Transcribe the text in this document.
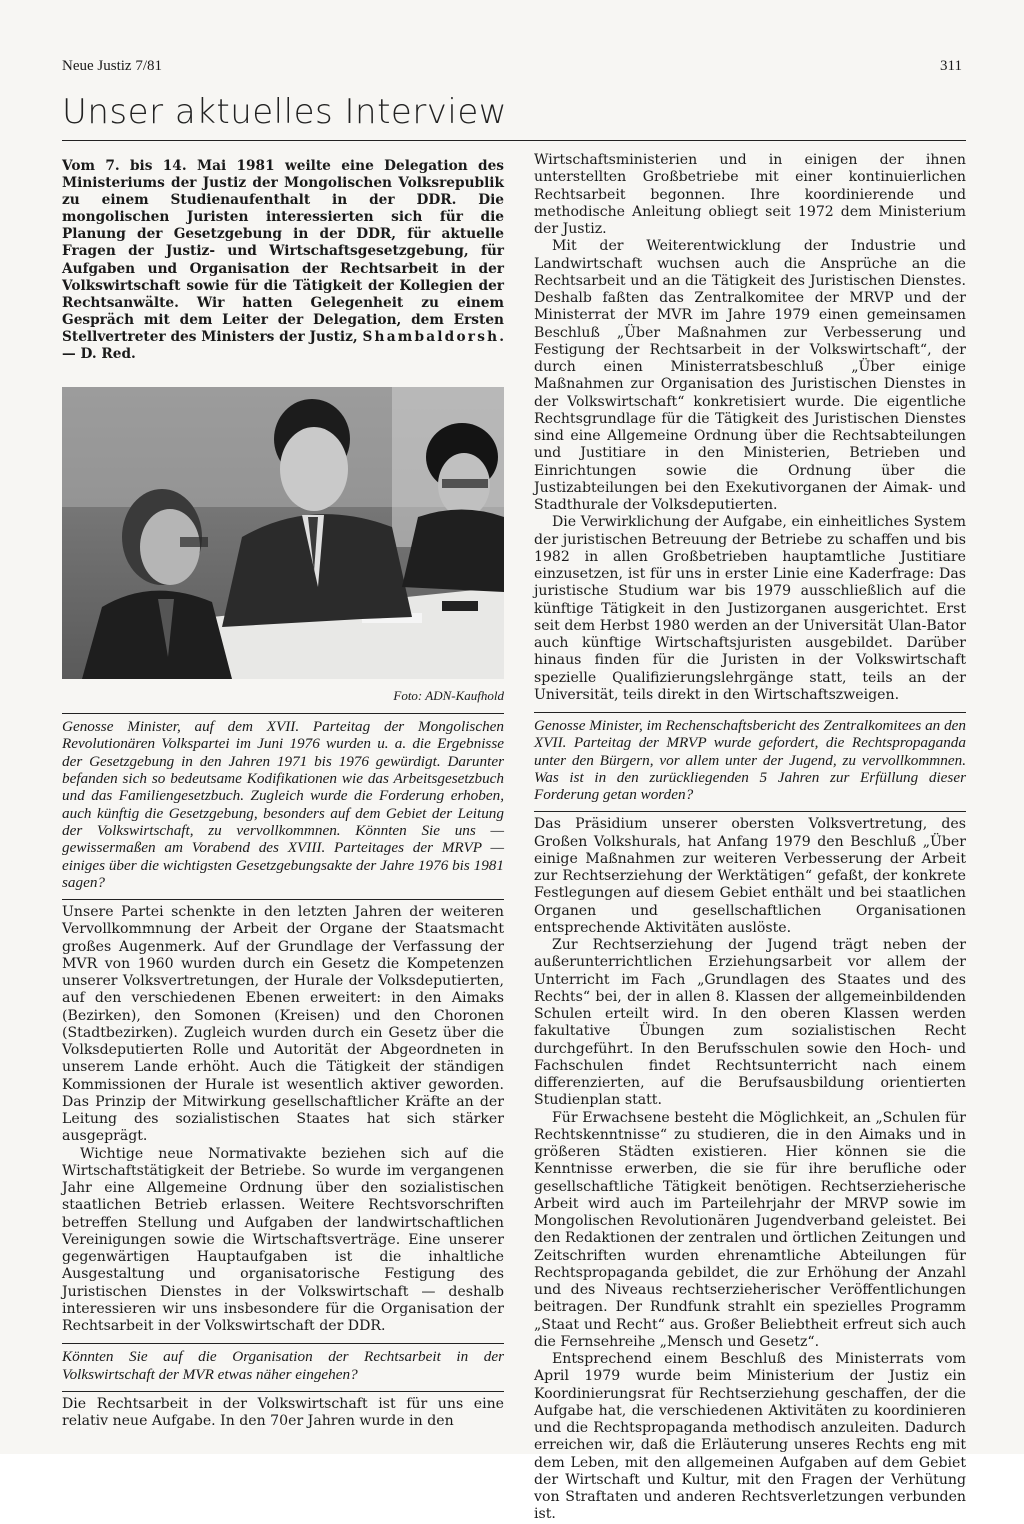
Neue Justiz 7/81	311
Unser aktuelles Interview

Vom 7. bis 14. Mai 1981 weilte eine Delegation des Ministeriums der Justiz der Mongolischen Volksrepublik zu einem Studienaufenthalt in der DDR. Die mongolischen Juristen interessierten sich für die Planung der Gesetzgebung in der DDR, für aktuelle Fragen der Justiz- und Wirtschaftsgesetzgebung, für Aufgaben und Organisation der Rechtsarbeit in der Volkswirtschaft sowie für die Tätigkeit der Kollegien der Rechtsanwälte. Wir hatten Gelegenheit zu einem Gespräch mit dem Leiter der Delegation, dem Ersten Stellvertreter des Ministers der Justiz, Shambaldorsh. — D. Red.

Foto: ADN-Kaufhold

Genosse Minister, auf dem XVII. Parteitag der Mongolischen Revolutionären Volkspartei im Juni 1976 wurden u. a. die Ergebnisse der Gesetzgebung in den Jahren 1971 bis 1976 gewürdigt. Darunter befanden sich so bedeutsame Kodifikationen wie das Arbeitsgesetzbuch und das Familiengesetzbuch. Zugleich wurde die Forderung erhoben, auch künftig die Gesetzgebung, besonders auf dem Gebiet der Leitung der Volkswirtschaft, zu vervollkommnen. Könnten Sie uns — gewissermaßen am Vorabend des XVIII. Parteitages der MRVP — einiges über die wichtigsten Gesetzgebungsakte der Jahre 1976 bis 1981 sagen?

Unsere Partei schenkte in den letzten Jahren der weiteren Vervollkommnung der Arbeit der Organe der Staatsmacht großes Augenmerk. Auf der Grundlage der Verfassung der MVR von 1960 wurden durch ein Gesetz die Kompetenzen unserer Volksvertretungen, der Hurale der Volksdeputierten, auf den verschiedenen Ebenen erweitert: in den Aimaks (Bezirken), den Somonen (Kreisen) und den Choronen (Stadtbezirken). Zugleich wurden durch ein Gesetz über die Volksdeputierten Rolle und Autorität der Abgeordneten in unserem Lande erhöht. Auch die Tätigkeit der ständigen Kommissionen der Hurale ist wesentlich aktiver geworden. Das Prinzip der Mitwirkung gesellschaftlicher Kräfte an der Leitung des sozialistischen Staates hat sich stärker ausgeprägt.

Wichtige neue Normativakte beziehen sich auf die Wirtschaftstätigkeit der Betriebe. So wurde im vergangenen Jahr eine Allgemeine Ordnung über den sozialistischen staatlichen Betrieb erlassen. Weitere Rechtsvorschriften betreffen Stellung und Aufgaben der landwirtschaftlichen Vereinigungen sowie die Wirtschaftsverträge. Eine unserer gegenwärtigen Hauptaufgaben ist die inhaltliche Ausgestaltung und organisatorische Festigung des Juristischen Dienstes in der Volkswirtschaft — deshalb interessieren wir uns insbesondere für die Organisation der Rechtsarbeit in der Volkswirtschaft der DDR.

Könnten Sie auf die Organisation der Rechtsarbeit in der Volkswirtschaft der MVR etwas näher eingehen?

Die Rechtsarbeit in der Volkswirtschaft ist für uns eine relativ neue Aufgabe. In den 70er Jahren wurde in den

Wirtschaftsministerien und in einigen der ihnen unterstellten Großbetriebe mit einer kontinuierlichen Rechtsarbeit begonnen. Ihre koordinierende und methodische Anleitung obliegt seit 1972 dem Ministerium der Justiz.

Mit der Weiterentwicklung der Industrie und Landwirtschaft wuchsen auch die Ansprüche an die Rechtsarbeit und an die Tätigkeit des Juristischen Dienstes. Deshalb faßten das Zentralkomitee der MRVP und der Ministerrat der MVR im Jahre 1979 einen gemeinsamen Beschluß „Über Maßnahmen zur Verbesserung und Festigung der Rechtsarbeit in der Volkswirtschaft“, der durch einen Ministerratsbeschluß „Über einige Maßnahmen zur Organisation des Juristischen Dienstes in der Volkswirtschaft“ konkretisiert wurde. Die eigentliche Rechtsgrundlage für die Tätigkeit des Juristischen Dienstes sind eine Allgemeine Ordnung über die Rechtsabteilungen und Justitiare in den Ministerien, Betrieben und Einrichtungen sowie die Ordnung über die Justizabteilungen bei den Exekutivorganen der Aimak- und Stadthurale der Volksdeputierten.

Die Verwirklichung der Aufgabe, ein einheitliches System der juristischen Betreuung der Betriebe zu schaffen und bis 1982 in allen Großbetrieben hauptamtliche Justitiare einzusetzen, ist für uns in erster Linie eine Kaderfrage: Das juristische Studium war bis 1979 ausschließlich auf die künftige Tätigkeit in den Justizorganen ausgerichtet. Erst seit dem Herbst 1980 werden an der Universität Ulan-Bator auch künftige Wirtschaftsjuristen ausgebildet. Darüber hinaus finden für die Juristen in der Volkswirtschaft spezielle Qualifizierungslehrgänge statt, teils an der Universität, teils direkt in den Wirtschaftszweigen.

Genosse Minister, im Rechenschaftsbericht des Zentralkomitees an den XVII. Parteitag der MRVP wurde gefordert, die Rechtspropaganda unter den Bürgern, vor allem unter der Jugend, zu vervollkommnen. Was ist in den zurückliegenden 5 Jahren zur Erfüllung dieser Forderung getan worden?

Das Präsidium unserer obersten Volksvertretung, des Großen Volkshurals, hat Anfang 1979 den Beschluß „Über einige Maßnahmen zur weiteren Verbesserung der Arbeit zur Rechtserziehung der Werktätigen“ gefaßt, der konkrete Festlegungen auf diesem Gebiet enthält und bei staatlichen Organen und gesellschaftlichen Organisationen entsprechende Aktivitäten auslöste.

Zur Rechtserziehung der Jugend trägt neben der außerunterrichtlichen Erziehungsarbeit vor allem der Unterricht im Fach „Grundlagen des Staates und des Rechts“ bei, der in allen 8. Klassen der allgemeinbildenden Schulen erteilt wird. In den oberen Klassen werden fakultative Übungen zum sozialistischen Recht durchgeführt. In den Berufsschulen sowie den Hoch- und Fachschulen findet Rechtsunterricht nach einem differenzierten, auf die Berufsausbildung orientierten Studienplan statt.

Für Erwachsene besteht die Möglichkeit, an „Schulen für Rechtskenntnisse“ zu studieren, die in den Aimaks und in größeren Städten existieren. Hier können sie die Kenntnisse erwerben, die sie für ihre berufliche oder gesellschaftliche Tätigkeit benötigen. Rechtserzieherische Arbeit wird auch im Parteilehrjahr der MRVP sowie im Mongolischen Revolutionären Jugendverband geleistet. Bei den Redaktionen der zentralen und örtlichen Zeitungen und Zeitschriften wurden ehrenamtliche Abteilungen für Rechtspropaganda gebildet, die zur Erhöhung der Anzahl und des Niveaus rechtserzieherischer Veröffentlichungen beitragen. Der Rundfunk strahlt ein spezielles Programm „Staat und Recht“ aus. Großer Beliebtheit erfreut sich auch die Fernsehreihe „Mensch und Gesetz“.

Entsprechend einem Beschluß des Ministerrats vom April 1979 wurde beim Ministerium der Justiz ein Koordinierungsrat für Rechtserziehung geschaffen, der die Aufgabe hat, die verschiedenen Aktivitäten zu koordinieren und die Rechtspropaganda methodisch anzuleiten. Dadurch erreichen wir, daß die Erläuterung unseres Rechts eng mit dem Leben, mit den allgemeinen Aufgaben auf dem Gebiet der Wirtschaft und Kultur, mit den Fragen der Verhütung von Straftaten und anderen Rechtsverletzungen verbunden ist.
